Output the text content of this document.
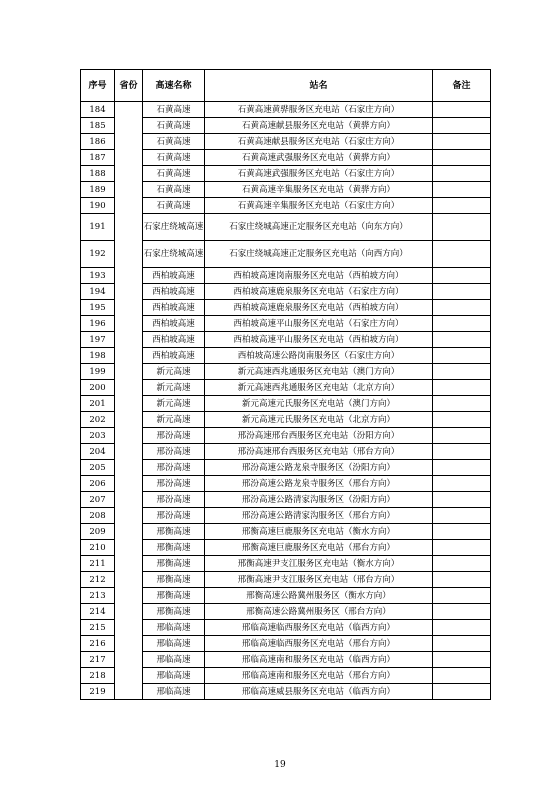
序号	省份	高速名称	站名	备注
184		石黄高速	石黄高速黄骅服务区充电站（石家庄方向）	
185		石黄高速	石黄高速献县服务区充电站（黄骅方向）	
186		石黄高速	石黄高速献县服务区充电站（石家庄方向）	
187		石黄高速	石黄高速武强服务区充电站（黄骅方向）	
188		石黄高速	石黄高速武强服务区充电站（石家庄方向）	
189		石黄高速	石黄高速辛集服务区充电站（黄骅方向）	
190		石黄高速	石黄高速辛集服务区充电站（石家庄方向）	
191		石家庄绕城高速	石家庄绕城高速正定服务区充电站（向东方向）	
192		石家庄绕城高速	石家庄绕城高速正定服务区充电站（向西方向）	
193		西柏坡高速	西柏坡高速岗南服务区充电站（西柏坡方向）	
194		西柏坡高速	西柏坡高速鹿泉服务区充电站（石家庄方向）	
195		西柏坡高速	西柏坡高速鹿泉服务区充电站（西柏坡方向）	
196		西柏坡高速	西柏坡高速平山服务区充电站（石家庄方向）	
197		西柏坡高速	西柏坡高速平山服务区充电站（西柏坡方向）	
198		西柏坡高速	西柏坡高速公路岗南服务区（石家庄方向）	
199		新元高速	新元高速西兆通服务区充电站（澳门方向）	
200		新元高速	新元高速西兆通服务区充电站（北京方向）	
201		新元高速	新元高速元氏服务区充电站（澳门方向）	
202		新元高速	新元高速元氏服务区充电站（北京方向）	
203		邢汾高速	邢汾高速邢台西服务区充电站（汾阳方向）	
204		邢汾高速	邢汾高速邢台西服务区充电站（邢台方向）	
205		邢汾高速	邢汾高速公路龙泉寺服务区（汾阳方向）	
206		邢汾高速	邢汾高速公路龙泉寺服务区（邢台方向）	
207		邢汾高速	邢汾高速公路清家沟服务区（汾阳方向）	
208		邢汾高速	邢汾高速公路清家沟服务区（邢台方向）	
209		邢衡高速	邢衡高速巨鹿服务区充电站（衡水方向）	
210		邢衡高速	邢衡高速巨鹿服务区充电站（邢台方向）	
211		邢衡高速	邢衡高速尹支江服务区充电站（衡水方向）	
212		邢衡高速	邢衡高速尹支江服务区充电站（邢台方向）	
213		邢衡高速	邢衡高速公路冀州服务区（衡水方向）	
214		邢衡高速	邢衡高速公路冀州服务区（邢台方向）	
215		邢临高速	邢临高速临西服务区充电站（临西方向）	
216		邢临高速	邢临高速临西服务区充电站（邢台方向）	
217		邢临高速	邢临高速南和服务区充电站（临西方向）	
218		邢临高速	邢临高速南和服务区充电站（邢台方向）	
219		邢临高速	邢临高速威县服务区充电站（临西方向）	
19
